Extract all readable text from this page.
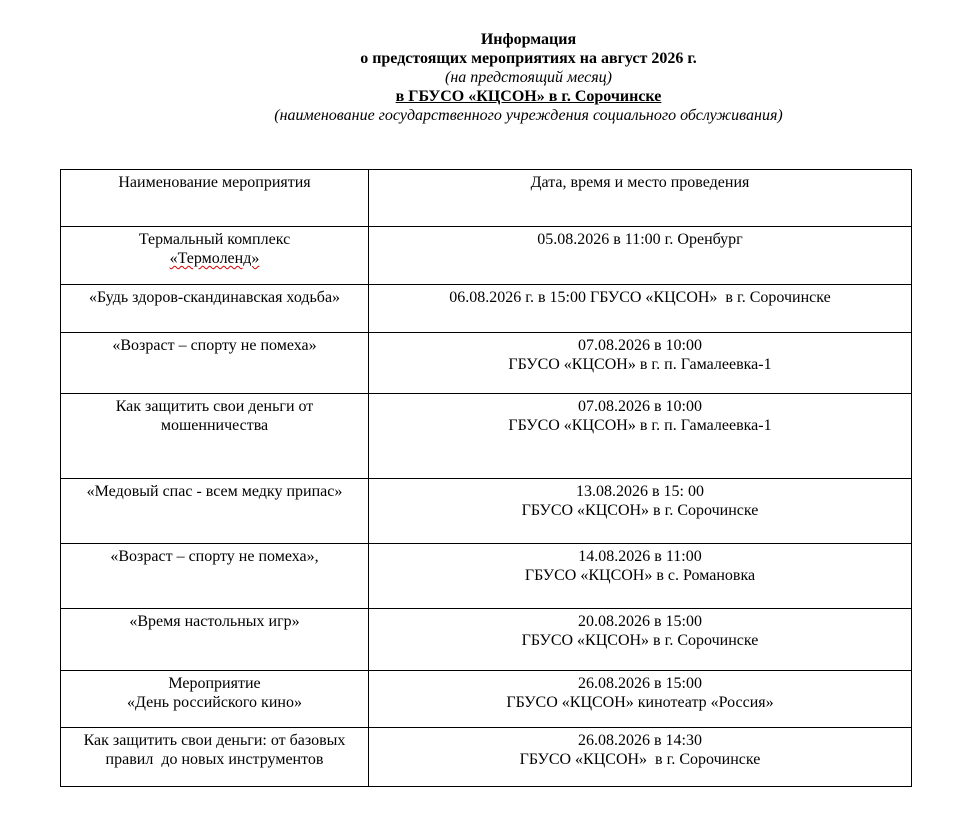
Информация
о предстоящих мероприятиях на август 2026 г.
(на предстоящий месяц)
в ГБУСО «КЦСОН» в г. Сорочинске
(наименование государственного учреждения социального обслуживания)
Наименование мероприятия	Дата, время и место проведения

Термальный комплекс
«Термоленд»	05.08.2026 в 11:00 г. Оренбург

«Будь здоров-скандинавская ходьба»	06.08.2026 г. в 15:00 ГБУСО «КЦСОН»  в г. Сорочинске

«Возраст – спорту не помеха»	07.08.2026 в 10:00
ГБУСО «КЦСОН» в г. п. Гамалеевка-1

Как защитить свои деньги от
мошенничества	07.08.2026 в 10:00
ГБУСО «КЦСОН» в г. п. Гамалеевка-1

«Медовый спас - всем медку припас»	13.08.2026 в 15: 00
ГБУСО «КЦСОН» в г. Сорочинске

«Возраст – спорту не помеха»,	14.08.2026 в 11:00
ГБУСО «КЦСОН» в с. Романовка

«Время настольных игр»	20.08.2026 в 15:00
ГБУСО «КЦСОН» в г. Сорочинске

Мероприятие
«День российского кино»	26.08.2026 в 15:00
ГБУСО «КЦСОН» кинотеатр «Россия»

Как защитить свои деньги: от базовых
правил  до новых инструментов	26.08.2026 в 14:30
ГБУСО «КЦСОН»  в г. Сорочинске
